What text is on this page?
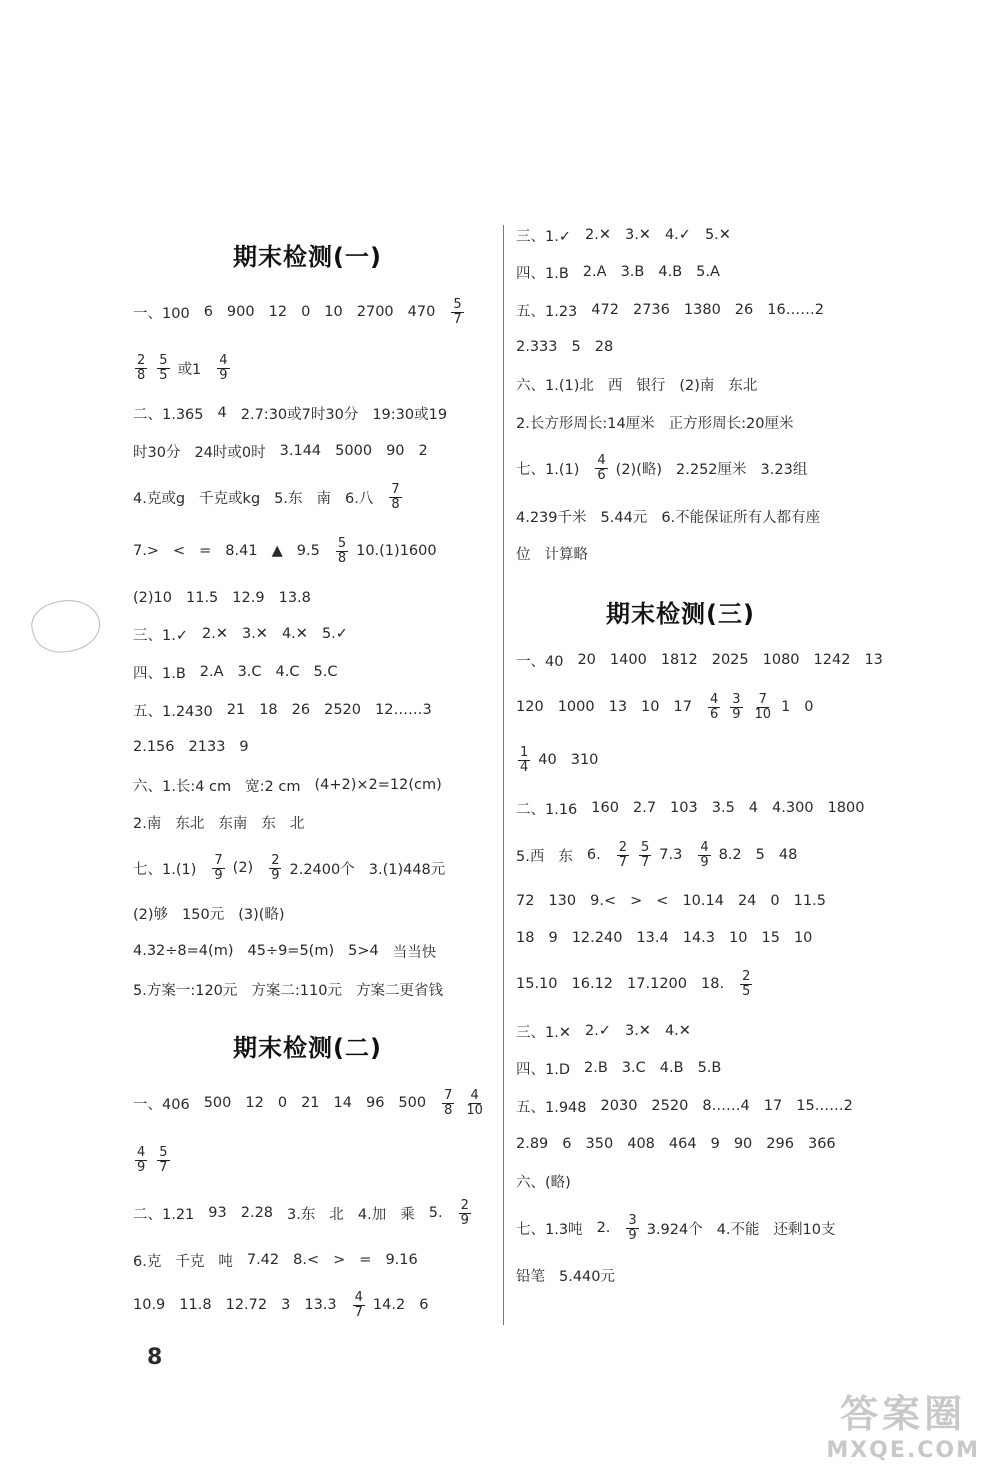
期末检测(一)
一、100 6 900 12 0 10 2700 $470 \frac{5}{7}$
$\frac{2}{8} \frac{5}{5}$ 或$1 \frac{4}{9}$
二、1.365 4 2.7:30或7时30分 19:30或19
时30分 24时或0时 3.144 5000 90 2
4.克或g 千克或kg 5.东 南 6.八 $\frac{7}{8}$
7.> < = 8.41 ▲ $9.5 \frac{5}{8} 10.(1)1600$
(2)10 11.5 12.9 13.8
三、1.✓ 2.✕ 3.✕ 4.✕ 5.✓
四、1.B 2.A 3.C 4.C 5.C
五、1.2430 21 18 26 2520 12……3
2.156 2133 9
六、1.长:4 cm 宽:2 cm (4+2)×2=12(cm)
2.南 东北 东南 东 北
七、$1.(1) \frac{7}{9} (2) \frac{2}{9} 2.2400$个 3.(1)448元
(2)够 150元 (3)(略)
4.32÷8=4(m) 45÷9=5(m) 5>4 当当快
5.方案一:120元 方案二:110元 方案二更省钱
期末检测(二)
一、406 500 12 0 21 14 96 $500 \frac{7}{8} \frac{4}{10}$
$\frac{4}{9} \frac{5}{7}$
二、1.21 93 2.28 3.东 北 4.加 乘 5. $\frac{2}{9}$
6.克 千克 吨 7.42 8.< > = 9.16
10.9 11.8 12.72 3 $13.3 \frac{4}{7} 14.2$ 6
三、1.✓ 2.✕ 3.✕ 4.✓ 5.✕
四、1.B 2.A 3.B 4.B 5.A
五、1.23 472 2736 1380 26 16……2
2.333 5 28
六、1.(1)北 西 银行 (2)南 东北
2.长方形周长:14厘米 正方形周长:20厘米
七、$1.(1) \frac{4}{6} (2)$(略) 2.252厘米 3.23组
4.239千米 5.44元 6.不能保证所有人都有座
位 计算略
期末检测(三)
一、40 20 1400 1812 2025 1080 1242 13
120 1000 13 10 $17 \frac{4}{6} \frac{3}{9} \frac{7}{10} 1$ 0
$\frac{1}{4} 40$ 310
二、1.16 160 2.7 103 3.5 4 4.300 1800
5.西 东 6. $\frac{2}{7} \frac{5}{7} 7.3 \frac{4}{9} 8.2$ 5 48
72 130 9.< > < 10.14 24 0 11.5
18 9 12.240 13.4 14.3 10 15 10
15.10 16.12 17.1200 18. $\frac{2}{5}$
三、1.✕ 2.✓ 3.✕ 4.✕
四、1.D 2.B 3.C 4.B 5.B
五、1.948 2030 2520 8……4 17 15……2
2.89 6 350 408 464 9 90 296 366
六、(略)
七、1.3吨 2. $\frac{3}{9} 3.924$个 4.不能 还剩10支
铅笔 5.440元
8
答案圈
MXQE.COM
